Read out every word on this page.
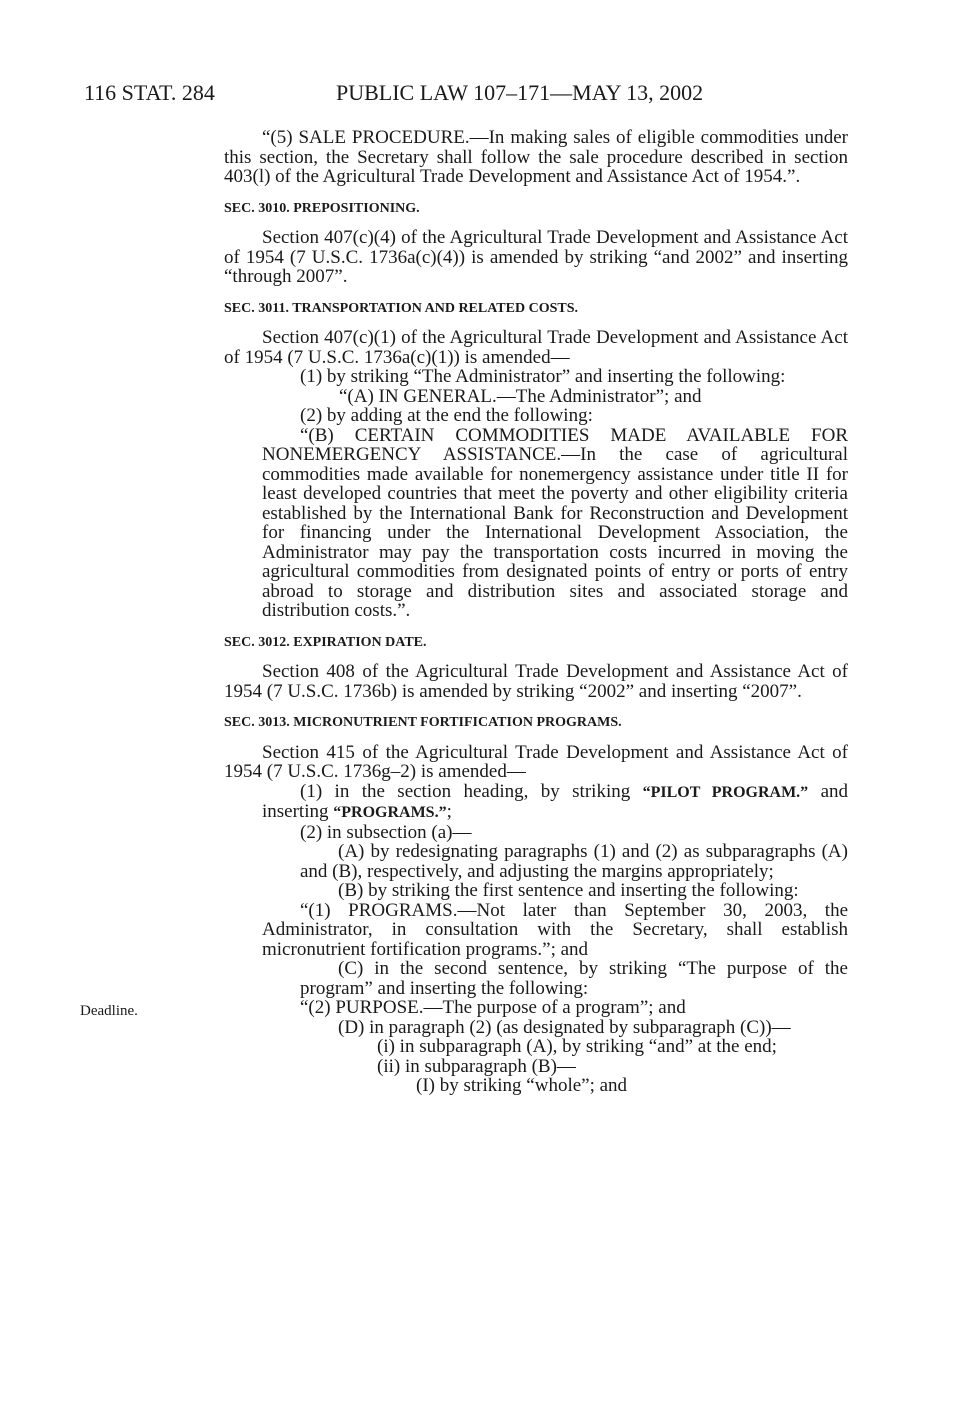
116 STAT. 284	PUBLIC LAW 107–171—MAY 13, 2002
Deadline.

“(5) SALE PROCEDURE.—In making sales of eligible commodities under this section, the Secretary shall follow the sale procedure described in section 403(l) of the Agricultural Trade Development and Assistance Act of 1954.”.

SEC. 3010. PREPOSITIONING.

Section 407(c)(4) of the Agricultural Trade Development and Assistance Act of 1954 (7 U.S.C. 1736a(c)(4)) is amended by striking “and 2002” and inserting “through 2007”.

SEC. 3011. TRANSPORTATION AND RELATED COSTS.

Section 407(c)(1) of the Agricultural Trade Development and Assistance Act of 1954 (7 U.S.C. 1736a(c)(1)) is amended—

(1) by striking “The Administrator” and inserting the following:

“(A) IN GENERAL.—The Administrator”; and

(2) by adding at the end the following:

“(B) CERTAIN COMMODITIES MADE AVAILABLE FOR NONEMERGENCY ASSISTANCE.—In the case of agricultural commodities made available for nonemergency assistance under title II for least developed countries that meet the poverty and other eligibility criteria established by the International Bank for Reconstruction and Development for financing under the International Development Association, the Administrator may pay the transportation costs incurred in moving the agricultural commodities from designated points of entry or ports of entry abroad to storage and distribution sites and associated storage and distribution costs.”.

SEC. 3012. EXPIRATION DATE.

Section 408 of the Agricultural Trade Development and Assistance Act of 1954 (7 U.S.C. 1736b) is amended by striking “2002” and inserting “2007”.

SEC. 3013. MICRONUTRIENT FORTIFICATION PROGRAMS.

Section 415 of the Agricultural Trade Development and Assistance Act of 1954 (7 U.S.C. 1736g–2) is amended—

(1) in the section heading, by striking “PILOT PROGRAM.” and inserting “PROGRAMS.”;

(2) in subsection (a)—

(A) by redesignating paragraphs (1) and (2) as subparagraphs (A) and (B), respectively, and adjusting the margins appropriately;

(B) by striking the first sentence and inserting the following:

“(1) PROGRAMS.—Not later than September 30, 2003, the Administrator, in consultation with the Secretary, shall establish micronutrient fortification programs.”; and

(C) in the second sentence, by striking “The purpose of the program” and inserting the following:

“(2) PURPOSE.—The purpose of a program”; and

(D) in paragraph (2) (as designated by subparagraph (C))—

(i) in subparagraph (A), by striking “and” at the end;

(ii) in subparagraph (B)—

(I) by striking “whole”; and
